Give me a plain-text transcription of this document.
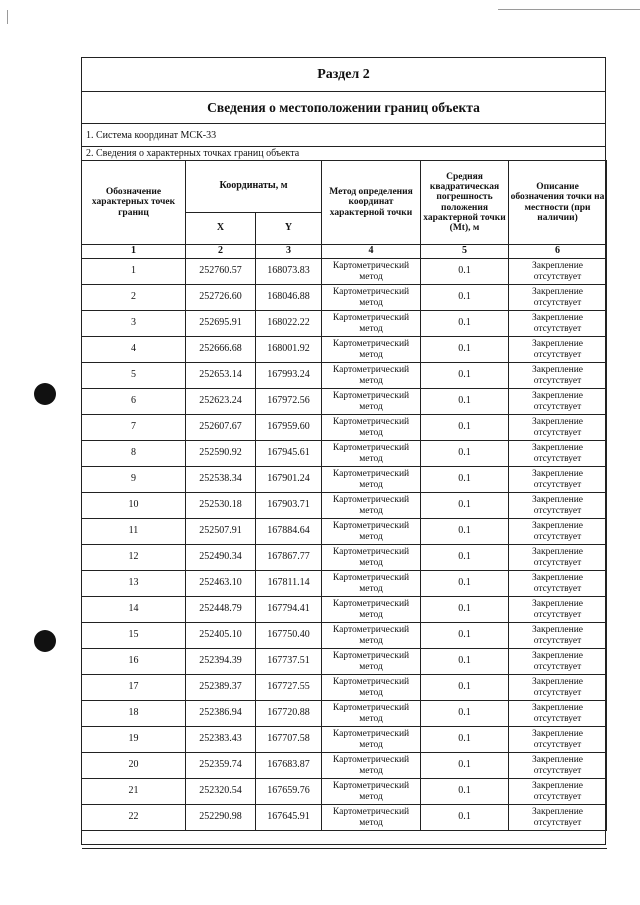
Раздел 2
Сведения о местоположении границ объекта
1. Система координат МСК-33
2. Сведения о характерных точках границ объекта
Обозначение характерных точек границ	Координаты, м		Метод определения координат характерной точки	Средняя квадратическая погрешность положения характерной точки (Mt), м	Описание обозначения точки на местности (при наличии)
	X	Y			
1	2	3	4	5	6
1	252760.57	168073.83	Картометрический метод	0.1	Закрепление отсутствует
2	252726.60	168046.88	Картометрический метод	0.1	Закрепление отсутствует
3	252695.91	168022.22	Картометрический метод	0.1	Закрепление отсутствует
4	252666.68	168001.92	Картометрический метод	0.1	Закрепление отсутствует
5	252653.14	167993.24	Картометрический метод	0.1	Закрепление отсутствует
6	252623.24	167972.56	Картометрический метод	0.1	Закрепление отсутствует
7	252607.67	167959.60	Картометрический метод	0.1	Закрепление отсутствует
8	252590.92	167945.61	Картометрический метод	0.1	Закрепление отсутствует
9	252538.34	167901.24	Картометрический метод	0.1	Закрепление отсутствует
10	252530.18	167903.71	Картометрический метод	0.1	Закрепление отсутствует
11	252507.91	167884.64	Картометрический метод	0.1	Закрепление отсутствует
12	252490.34	167867.77	Картометрический метод	0.1	Закрепление отсутствует
13	252463.10	167811.14	Картометрический метод	0.1	Закрепление отсутствует
14	252448.79	167794.41	Картометрический метод	0.1	Закрепление отсутствует
15	252405.10	167750.40	Картометрический метод	0.1	Закрепление отсутствует
16	252394.39	167737.51	Картометрический метод	0.1	Закрепление отсутствует
17	252389.37	167727.55	Картометрический метод	0.1	Закрепление отсутствует
18	252386.94	167720.88	Картометрический метод	0.1	Закрепление отсутствует
19	252383.43	167707.58	Картометрический метод	0.1	Закрепление отсутствует
20	252359.74	167683.87	Картометрический метод	0.1	Закрепление отсутствует
21	252320.54	167659.76	Картометрический метод	0.1	Закрепление отсутствует
22	252290.98	167645.91	Картометрический метод	0.1	Закрепление отсутствует
